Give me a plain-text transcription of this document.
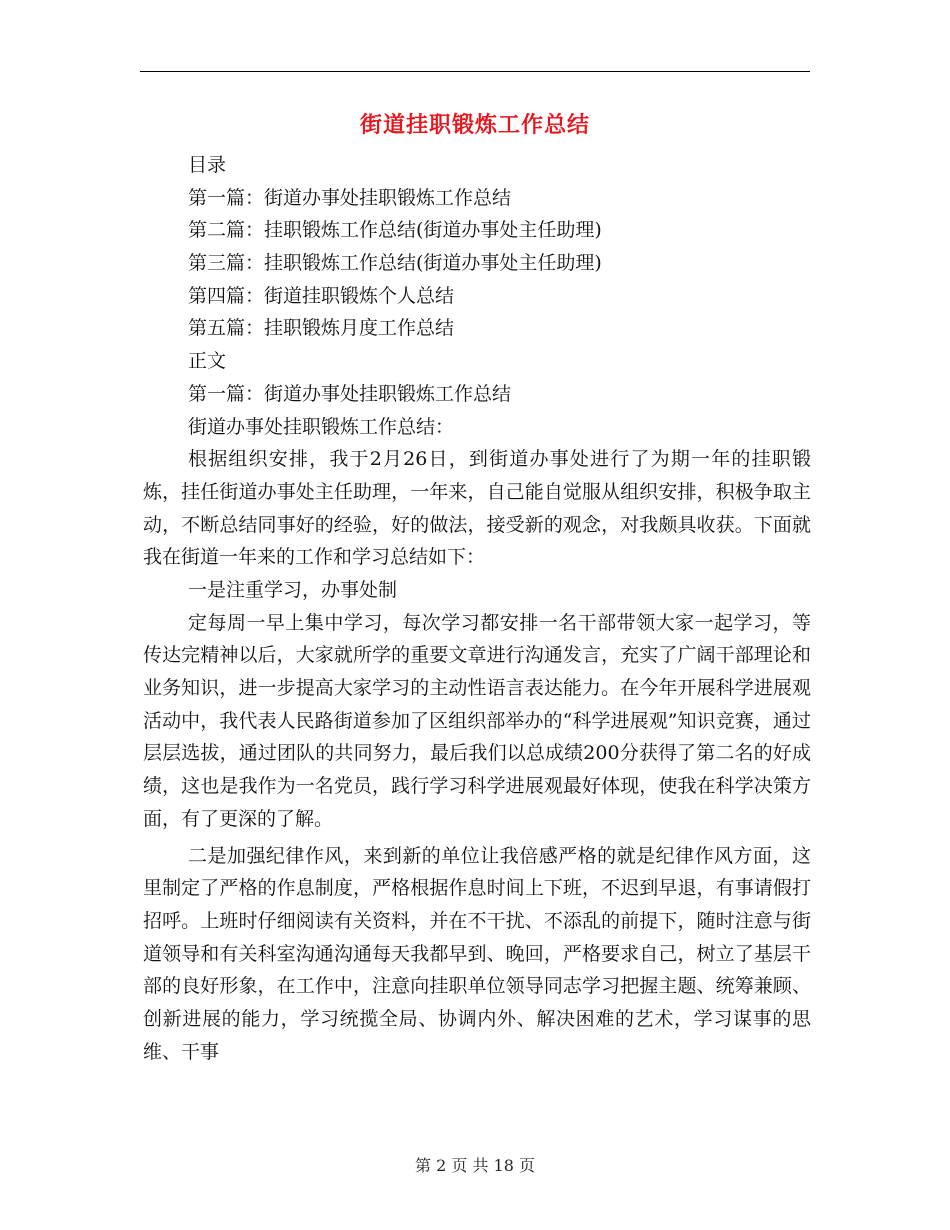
街道挂职锻炼工作总结
目录
第一篇：街道办事处挂职锻炼工作总结
第二篇：挂职锻炼工作总结(街道办事处主任助理)
第三篇：挂职锻炼工作总结(街道办事处主任助理)
第四篇：街道挂职锻炼个人总结
第五篇：挂职锻炼月度工作总结
正文
第一篇：街道办事处挂职锻炼工作总结
街道办事处挂职锻炼工作总结：
根据组织安排，我于2月26日，到街道办事处进行了为期一年的挂职锻炼，挂任街道办事处主任助理，一年来，自己能自觉服从组织安排，积极争取主动，不断总结同事好的经验，好的做法，接受新的观念，对我颇具收获。下面就我在街道一年来的工作和学习总结如下：
一是注重学习，办事处制
定每周一早上集中学习，每次学习都安排一名干部带领大家一起学习，等传达完精神以后，大家就所学的重要文章进行沟通发言，充实了广阔干部理论和业务知识，进一步提高大家学习的主动性语言表达能力。在今年开展科学进展观活动中，我代表人民路街道参加了区组织部举办的“科学进展观”知识竞赛，通过层层选拔，通过团队的共同努力，最后我们以总成绩200分获得了第二名的好成绩，这也是我作为一名党员，践行学习科学进展观最好体现，使我在科学决策方面，有了更深的了解。
二是加强纪律作风，来到新的单位让我倍感严格的就是纪律作风方面，这里制定了严格的作息制度，严格根据作息时间上下班，不迟到早退，有事请假打招呼。上班时仔细阅读有关资料，并在不干扰、不添乱的前提下，随时注意与街道领导和有关科室沟通沟通每天我都早到、晚回，严格要求自己，树立了基层干部的良好形象，在工作中，注意向挂职单位领导同志学习把握主题、统筹兼顾、创新进展的能力，学习统揽全局、协调内外、解决困难的艺术，学习谋事的思维、干事
第 2 页 共 18 页
